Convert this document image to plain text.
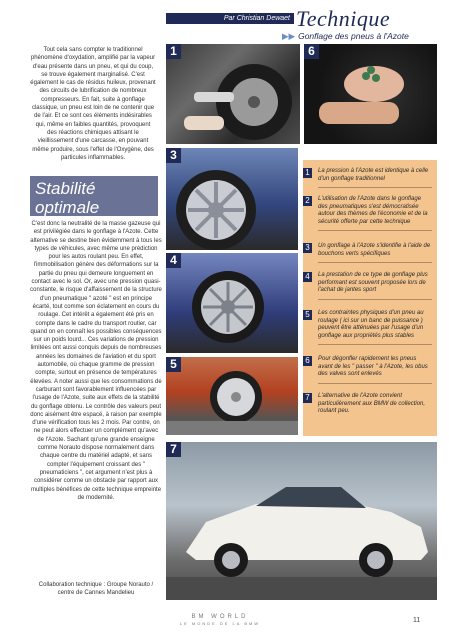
Par Christian Dewaet Technique
▶▶ Gonflage des pneus à l'Azote
Tout cela sans compter le traditionnel phénomène d'oxydation, amplifié par la vapeur d'eau présente dans un pneu, et qui du coup, se trouve également marginalisé. C'est également le cas de résidus huileux, provenant des circuits de lubrification de nombreux compresseurs. En fait, suite à gonflage classique, un pneu est loin de ne contenir que de l'air. Et ce sont ces éléments indésirables qui, même en faibles quantités, provoquent des réactions chimiques attisant le vieillissement d'une carcasse, en pouvant même produire, sous l'effet de l'Oxygène, des particules inflammables.
Stabilité
optimale
C'est donc la neutralité de la masse gazeuse qui est privilégiée dans le gonflage à l'Azote. Cette alternative se destine bien évidemment à tous les types de véhicules, avec même une prédiction pour les autos roulant peu. En effet, l'immobilisation génère des déformations sur la partie du pneu qui demeure longuement en contact avec le sol. Or, avec une pression quasi-constante, le risque d'affaissement de la structure d'un pneumatique " azoté " est en principe écarté, tout comme son éclatement en cours du roulage. Cet intérêt a également été pris en compte dans le cadre du transport routier, car quand on en connaît les possibles conséquences sur un poids lourd... Ces variations de pression limitées ont aussi conquis depuis de nombreuses années les domaines de l'aviation et du sport automobile, où chaque gramme de pression compte, surtout en présence de températures élevées. A noter aussi que les consommations de carburant sont favorablement influencées par l'usage de l'Azote, suite aux effets de la stabilité du gonflage obtenu. Le contrôle des valeurs peut donc aisément être espacé, à raison par exemple d'une vérification tous les 2 mois. Par contre, on ne peut alors effectuer un complément qu'avec de l'Azote. Sachant qu'une grande enseigne comme Norauto dispose normalement dans chaque centre du matériel adapté, et sans compter l'équipement croissant des " pneumaticiens ", cet argument n'est plus à considérer comme un obstacle par rapport aux multiples bénéfices de cette technique empreinte de modernité.
Collaboration technique : Groupe Norauto / centre de Cannes Mandelieu
1	6
3
4
5
7
1	La pression à l'Azote est identique à celle d'un gonflage traditionnel
2	L'utilisation de l'Azote dans le gonflage des pneumatiques s'est démocratisée autour des thèmes de l'économie et de la sécurité offerte par cette technique
3	Un gonflage à l'Azote s'identifie à l'aide de bouchons verts spécifiques
4	La prestation de ce type de gonflage plus performant est souvent proposée lors de l'achat de jantes sport
5	Les contraintes physiques d'un pneu au roulage ( ici sur un banc de puissance ) peuvent être atténuées par l'usage d'un gonflage aux propriétés plus stables
6	Pour dégonfler rapidement les pneus avant de les " passer " à l'Azote, les obus des valves sont enlevés
7	L'alternative de l'Azote convient particulièrement aux BMW de collection, roulant peu.
BM WORLD
LE MONDE DE LA BMW	11
